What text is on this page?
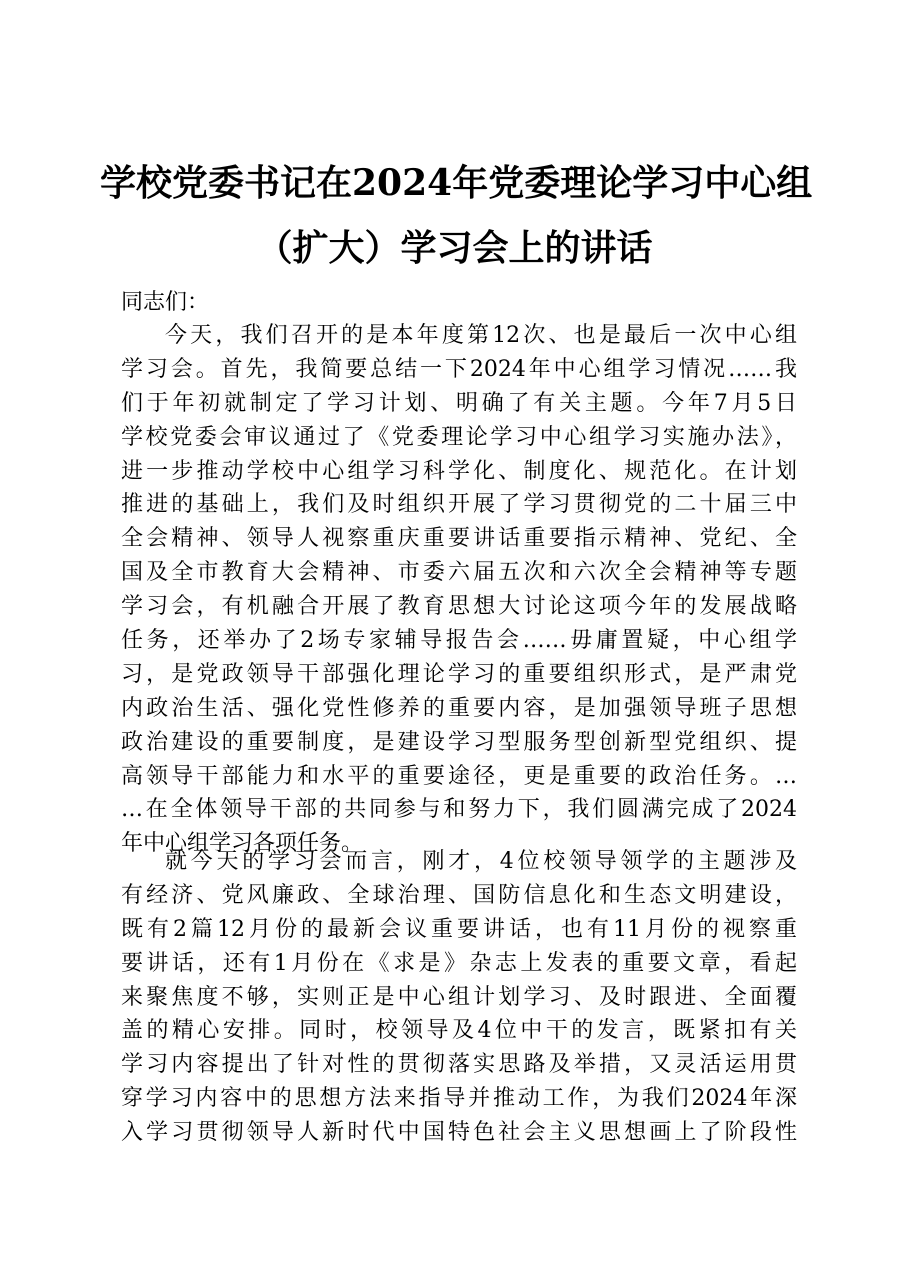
学校党委书记在2024年党委理论学习中心组
（扩大）学习会上的讲话
同志们：
今天，我们召开的是本年度第12次、也是最后一次中心组
学习会。首先，我简要总结一下2024年中心组学习情况……我
们于年初就制定了学习计划、明确了有关主题。今年7月5日
学校党委会审议通过了《党委理论学习中心组学习实施办法》，
进一步推动学校中心组学习科学化、制度化、规范化。在计划
推进的基础上，我们及时组织开展了学习贯彻党的二十届三中
全会精神、领导人视察重庆重要讲话重要指示精神、党纪、全
国及全市教育大会精神、市委六届五次和六次全会精神等专题
学习会，有机融合开展了教育思想大讨论这项今年的发展战略
任务，还举办了2场专家辅导报告会……毋庸置疑，中心组学
习，是党政领导干部强化理论学习的重要组织形式，是严肃党
内政治生活、强化党性修养的重要内容，是加强领导班子思想
政治建设的重要制度，是建设学习型服务型创新型党组织、提
高领导干部能力和水平的重要途径，更是重要的政治任务。…
…在全体领导干部的共同参与和努力下，我们圆满完成了2024
年中心组学习各项任务。
就今天的学习会而言，刚才，4位校领导领学的主题涉及
有经济、党风廉政、全球治理、国防信息化和生态文明建设，
既有2篇12月份的最新会议重要讲话，也有11月份的视察重
要讲话，还有1月份在《求是》杂志上发表的重要文章，看起
来聚焦度不够，实则正是中心组计划学习、及时跟进、全面覆
盖的精心安排。同时，校领导及4位中干的发言，既紧扣有关
学习内容提出了针对性的贯彻落实思路及举措，又灵活运用贯
穿学习内容中的思想方法来指导并推动工作，为我们2024年深
入学习贯彻领导人新时代中国特色社会主义思想画上了阶段性
